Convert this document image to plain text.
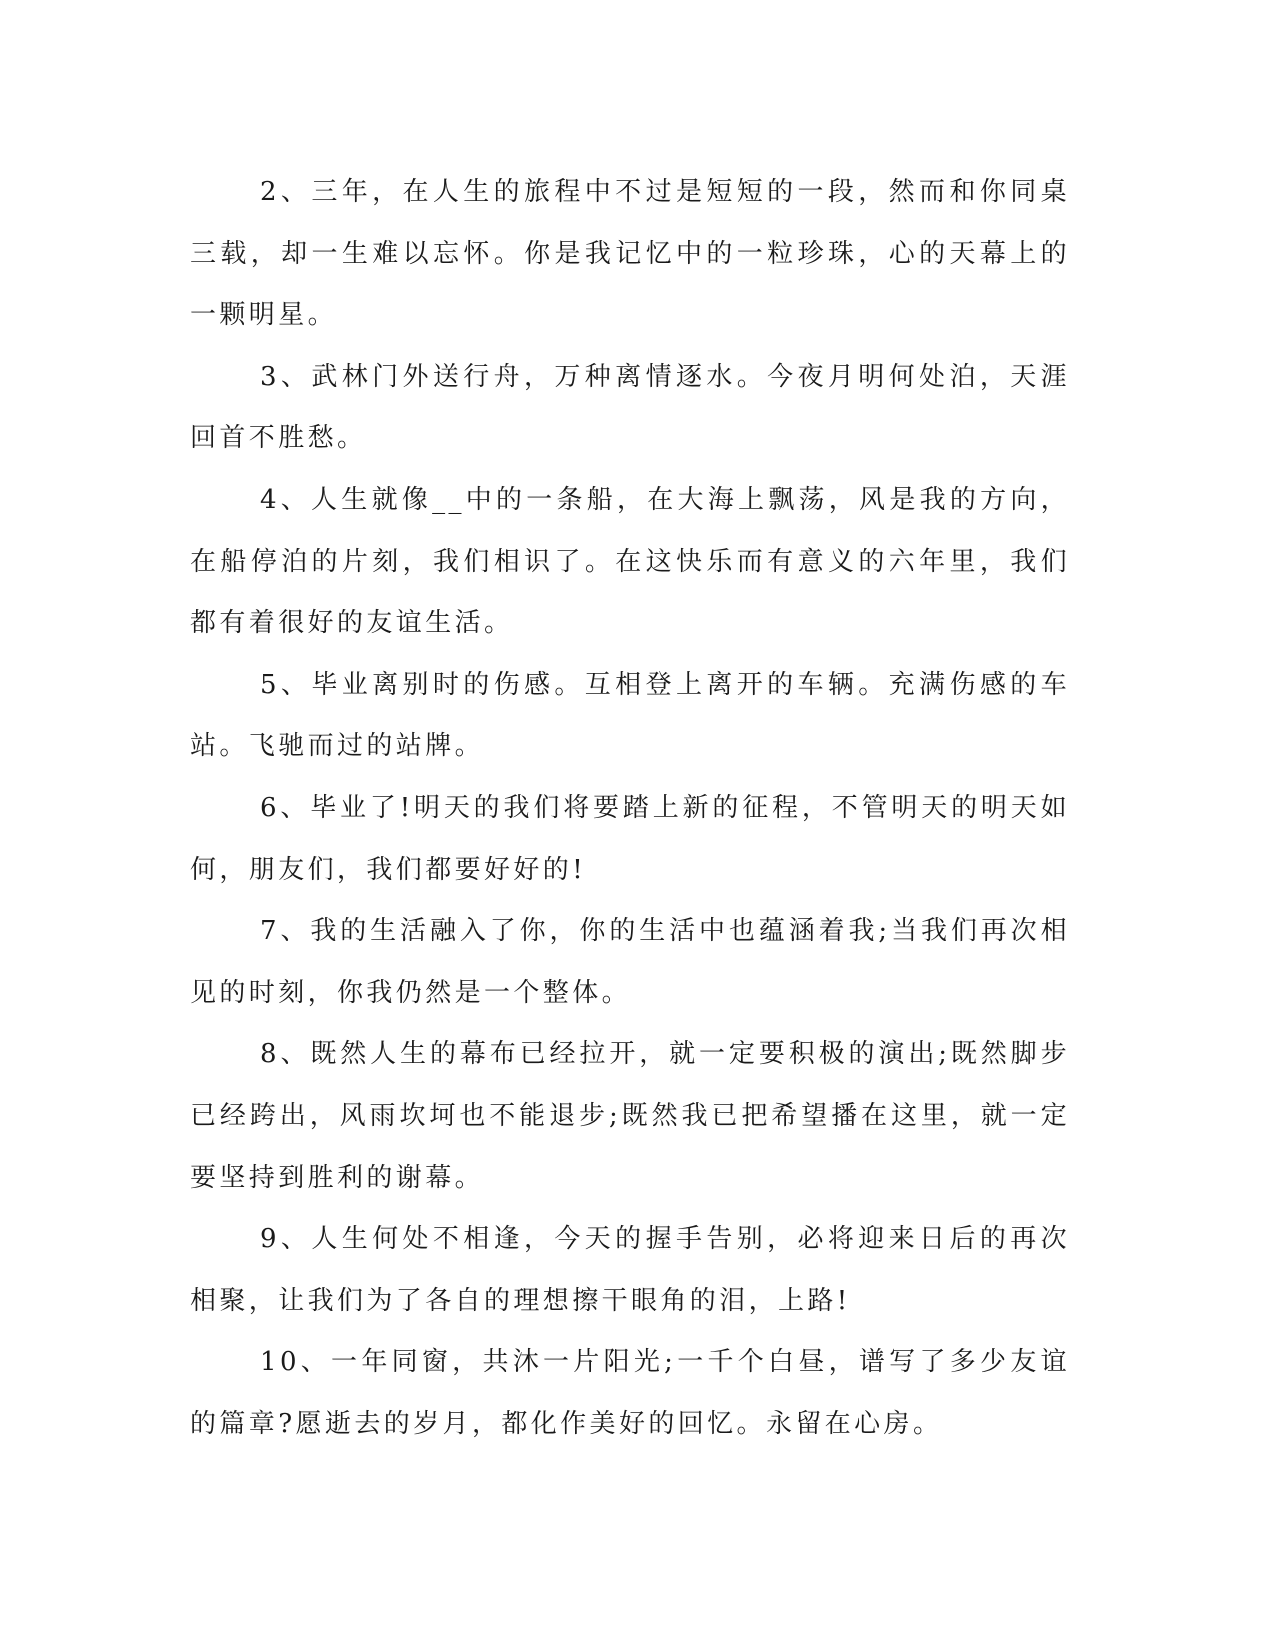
2、三年，在人生的旅程中不过是短短的一段，然而和你同桌三载，却一生难以忘怀。你是我记忆中的一粒珍珠，心的天幕上的一颗明星。

3、武林门外送行舟，万种离情逐水。今夜月明何处泊，天涯回首不胜愁。

4、人生就像__中的一条船，在大海上飘荡，风是我的方向，在船停泊的片刻，我们相识了。在这快乐而有意义的六年里，我们都有着很好的友谊生活。

5、毕业离别时的伤感。互相登上离开的车辆。充满伤感的车站。飞驰而过的站牌。

6、毕业了!明天的我们将要踏上新的征程，不管明天的明天如何，朋友们，我们都要好好的!

7、我的生活融入了你，你的生活中也蕴涵着我;当我们再次相见的时刻，你我仍然是一个整体。

8、既然人生的幕布已经拉开，就一定要积极的演出;既然脚步已经跨出，风雨坎坷也不能退步;既然我已把希望播在这里，就一定要坚持到胜利的谢幕。

9、人生何处不相逢，今天的握手告别，必将迎来日后的再次相聚，让我们为了各自的理想擦干眼角的泪，上路!

10、一年同窗，共沐一片阳光;一千个白昼，谱写了多少友谊的篇章?愿逝去的岁月，都化作美好的回忆。永留在心房。
